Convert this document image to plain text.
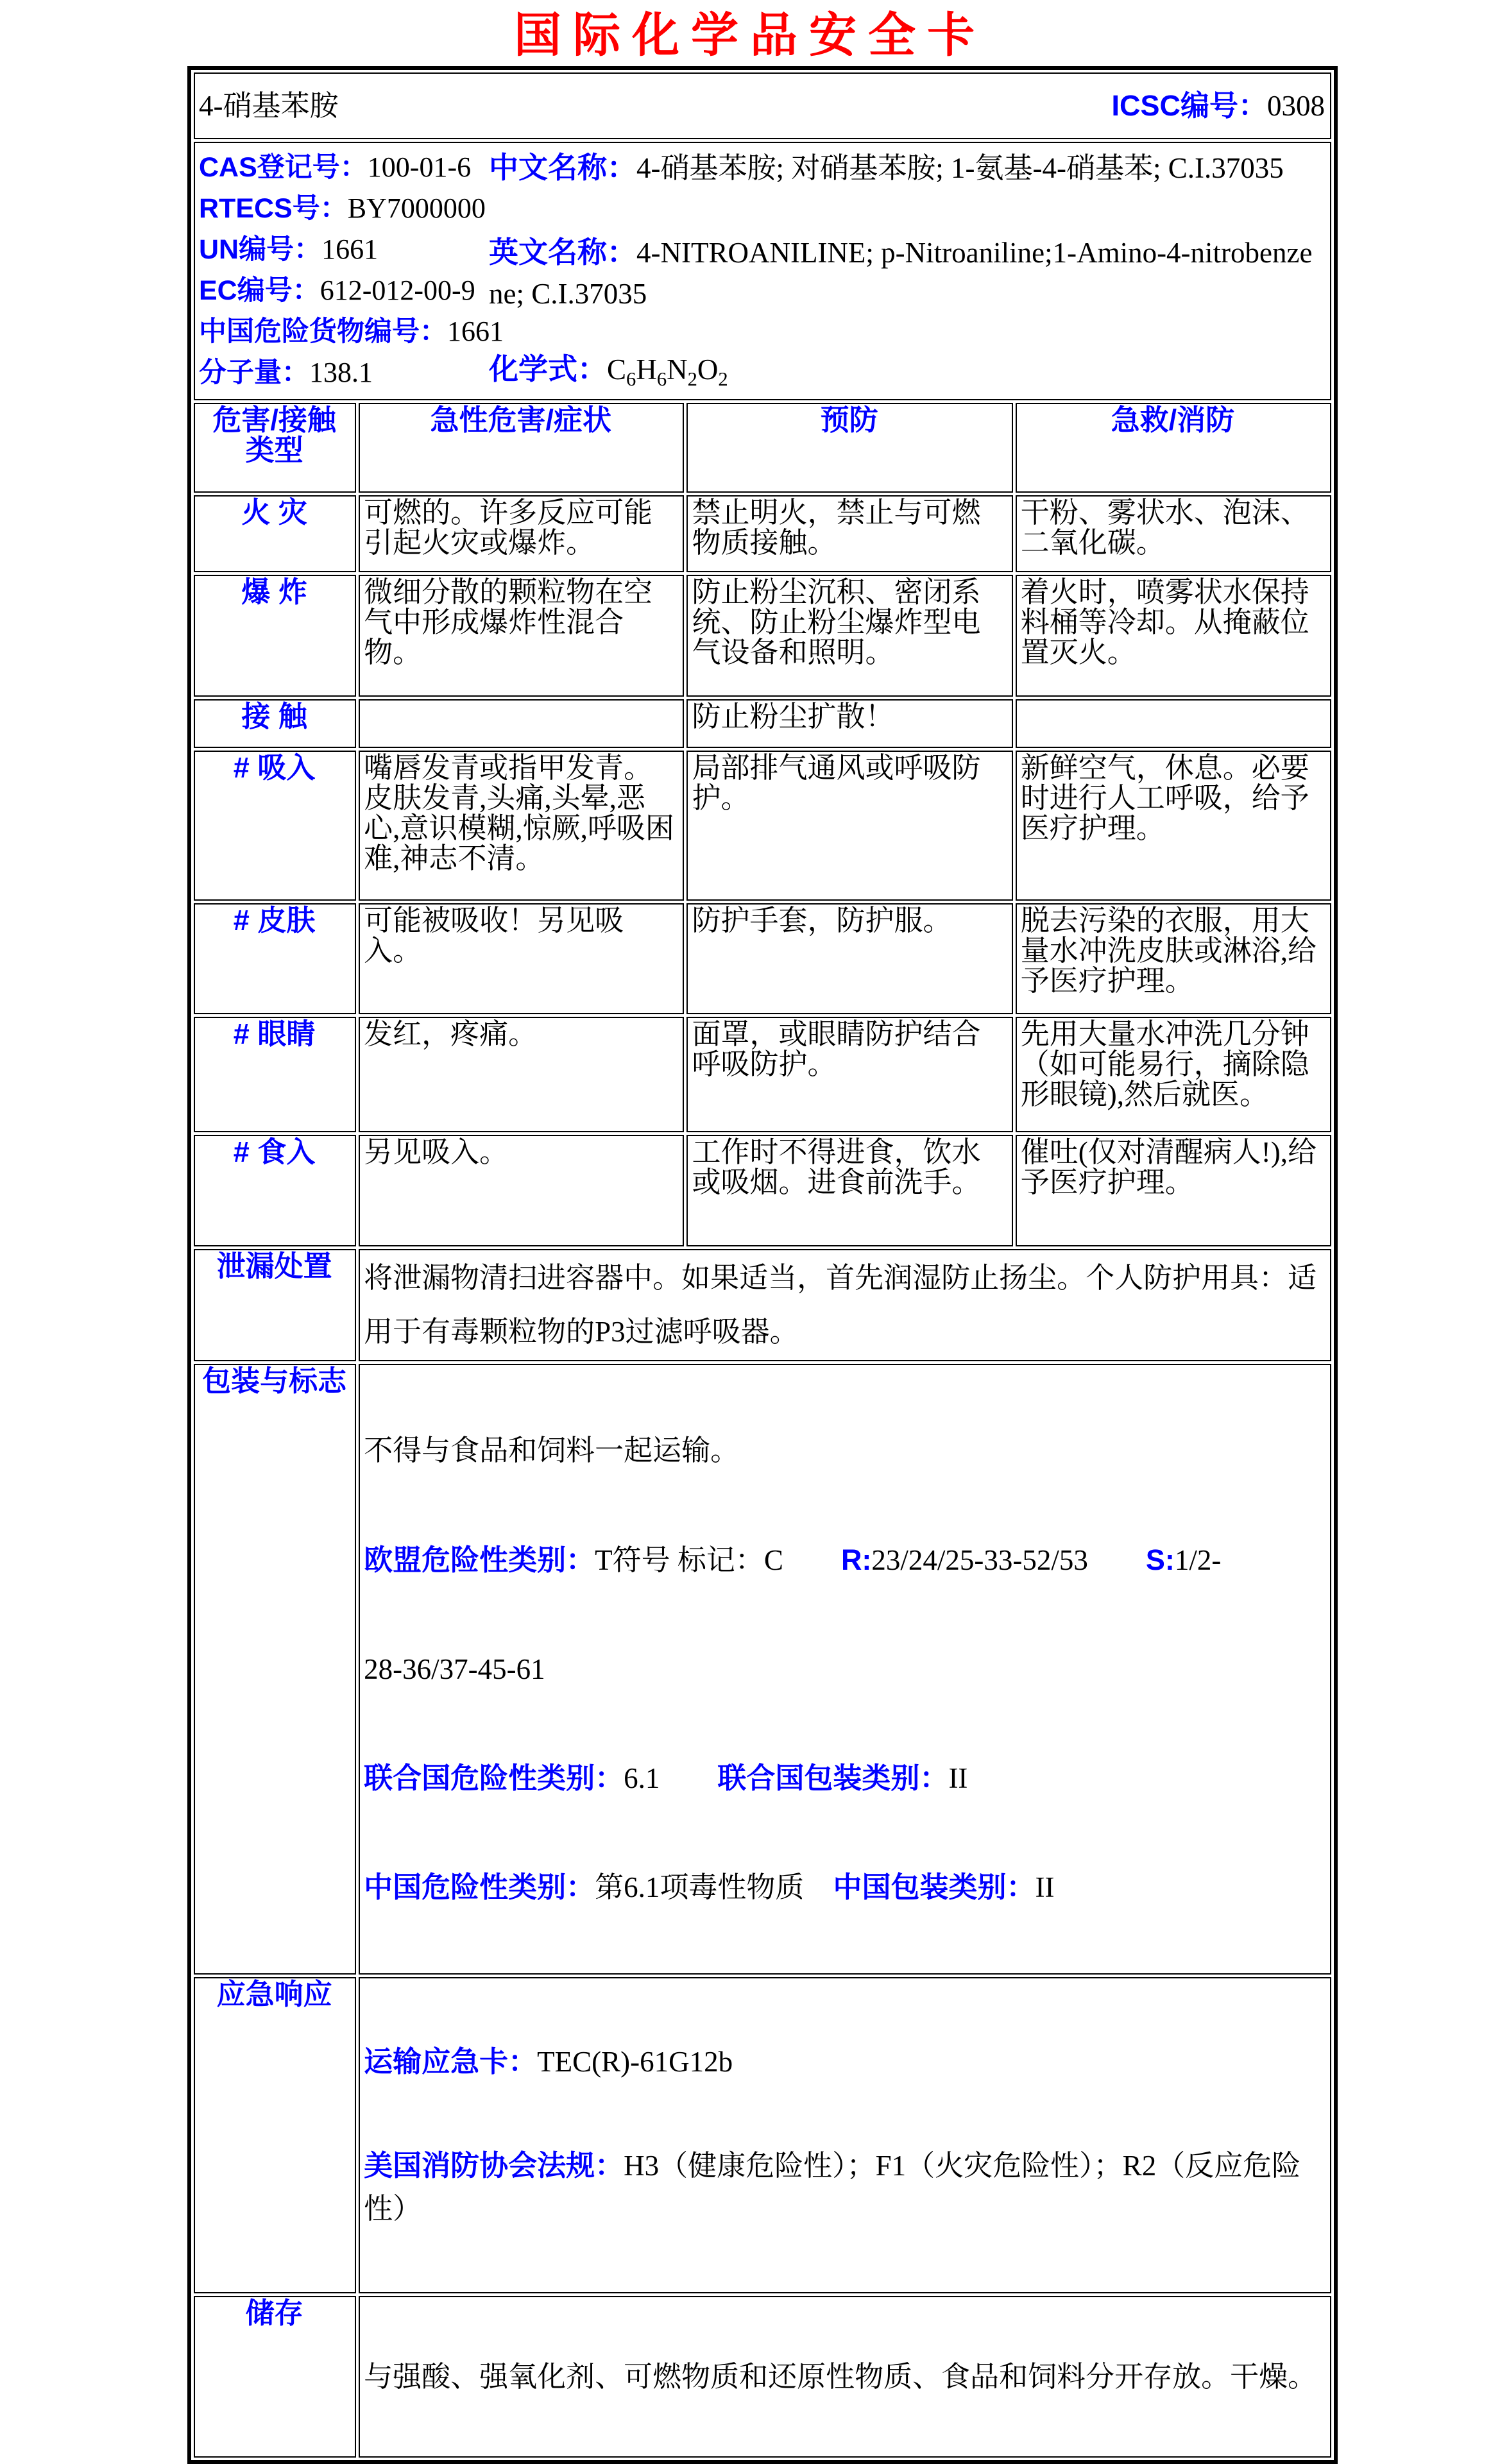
国际化学品安全卡
4-硝基苯胺 ICSC编号：0308			

CAS登记号：100-01-6
RTECS号：BY7000000
UN编号：1661
EC编号：612-012-00-9
中国危险货物编号：1661
分子量：138.1

中文名称：4-硝基苯胺; 对硝基苯胺; 1-氨基-4-硝基苯; C.I.37035

英文名称：4-NITROANILINE; p-Nitroaniline;1-Amino-4-nitrobenzene; C.I.37035

化学式：$C_6H_6N_2O_2$

危害/接触
类型	急性危害/症状	预防	急救/消防
火 灾	可燃的。许多反应可能引起火灾或爆炸。	禁止明火，禁止与可燃物质接触。	干粉、雾状水、泡沫、二氧化碳。
爆 炸	微细分散的颗粒物在空气中形成爆炸性混合物。	防止粉尘沉积、密闭系统、防止粉尘爆炸型电气设备和照明。	着火时，喷雾状水保持料桶等冷却。从掩蔽位置灭火。
接 触		防止粉尘扩散！	
# 吸入	嘴唇发青或指甲发青。皮肤发青,头痛,头晕,恶心,意识模糊,惊厥,呼吸困难,神志不清。	局部排气通风或呼吸防护。	新鲜空气，休息。必要时进行人工呼吸，给予医疗护理。
# 皮肤	可能被吸收！另见吸入。	防护手套，防护服。	脱去污染的衣服，用大量水冲洗皮肤或淋浴,给予医疗护理。
# 眼睛	发红，疼痛。	面罩，或眼睛防护结合呼吸防护。	先用大量水冲洗几分钟（如可能易行，摘除隐形眼镜),然后就医。
# 食入	另见吸入。	工作时不得进食，饮水或吸烟。进食前洗手。	催吐(仅对清醒病人!),给予医疗护理。
泄漏处置	将泄漏物清扫进容器中。如果适当，首先润湿防止扬尘。个人防护用具：适用于有毒颗粒物的P3过滤呼吸器。		

包装与标志	不得与食品和饲料一起运输。

欧盟危险性类别：T符号 标记：C　　 R:23/24/25-33-52/53　　 S:1/2-

28-36/37-45-61

联合国危险性类别：6.1　　 联合国包装类别：II

中国危险性类别：第6.1项毒性物质　 中国包装类别：II		

应急响应	运输应急卡：TEC(R)-61G12b

美国消防协会法规：H3（健康危险性）；F1（火灾危险性）；R2（反应危险性）		

储存	与强酸、强氧化剂、可燃物质和还原性物质、食品和饲料分开存放。干燥。		
